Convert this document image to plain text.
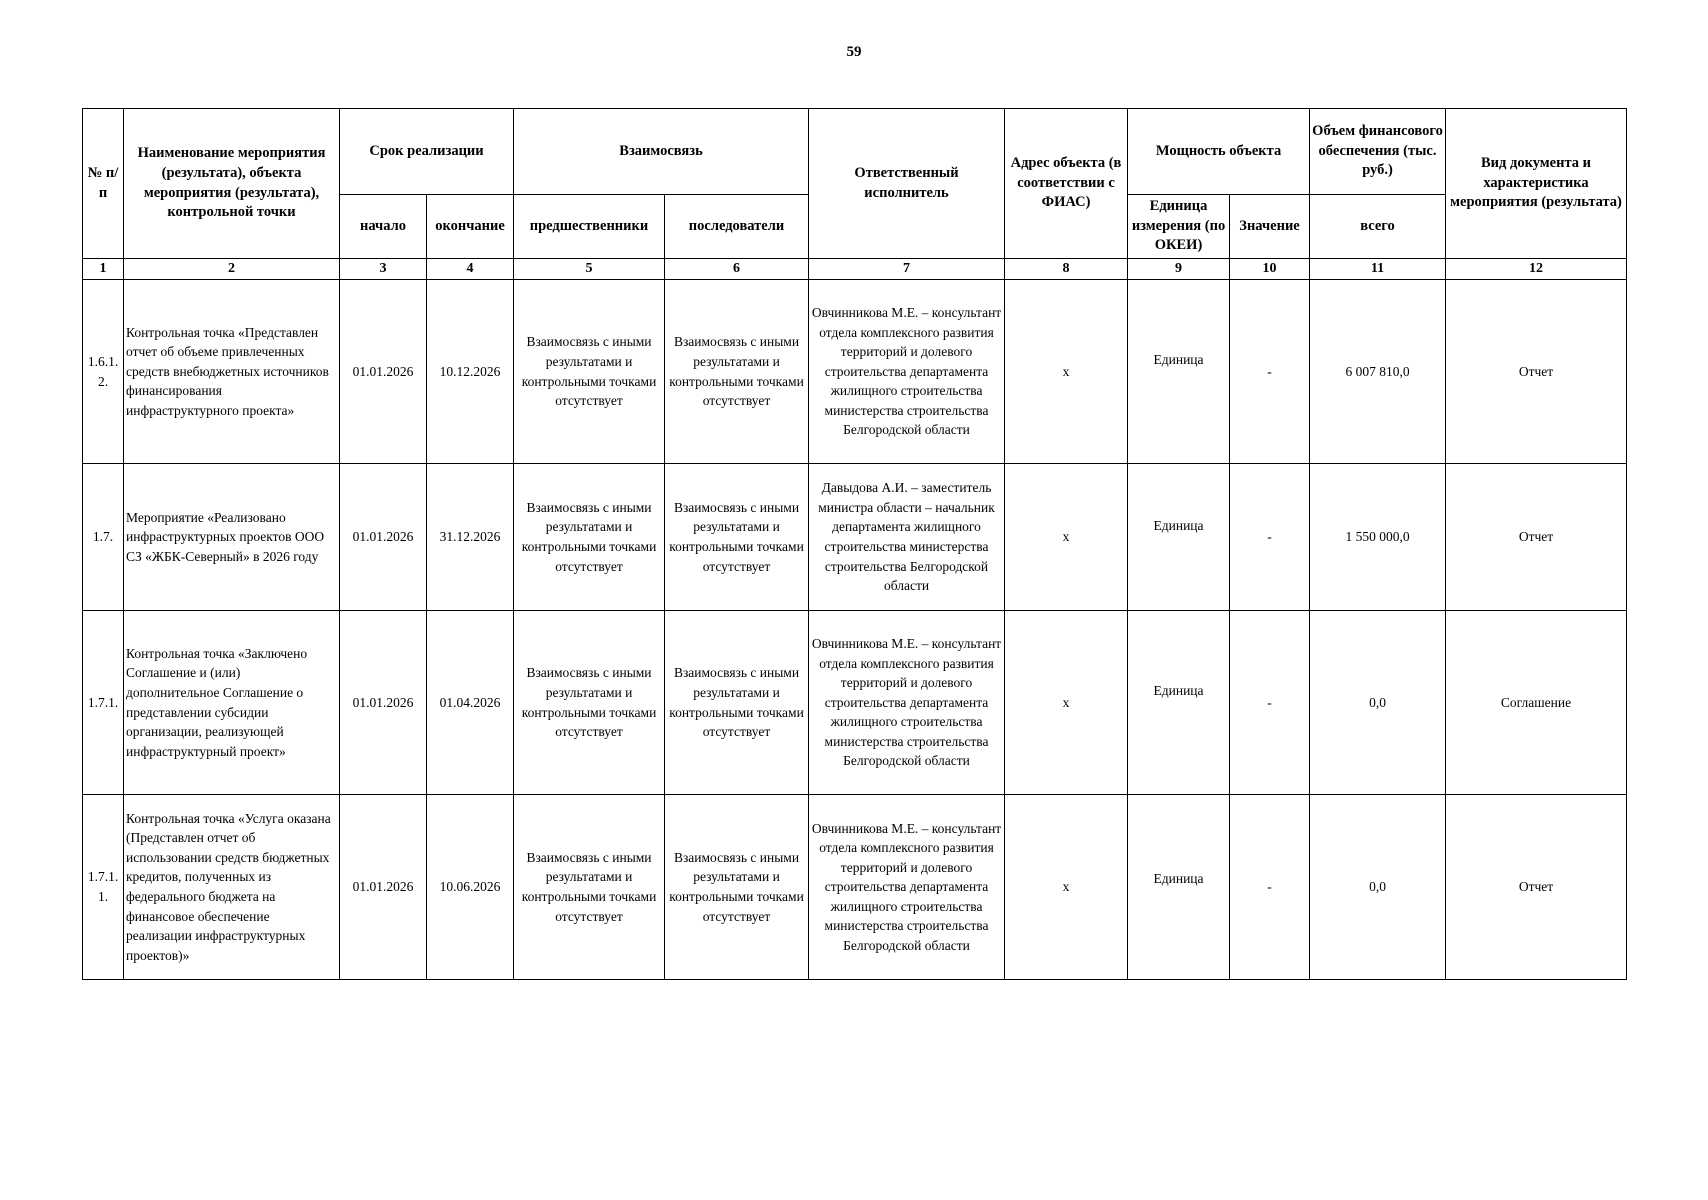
59
№ п/п	Наименование мероприятия (результата), объекта мероприятия (результата), контрольной точки	Срок реализации		Взаимосвязь		Ответственный исполнитель	Адрес объекта (в соответствии с ФИАС)	Мощность объекта		Объем финансового обеспечения (тыс. руб.)	Вид документа и характеристика мероприятия (результата)
		начало	окончание	предшественники	последователи			Единица измерения (по ОКЕИ)	Значение	всего	
1	2	3	4	5	6	7	8	9	10	11	12
1.6.1.2.	Контрольная точка «Представлен отчет об объеме привлеченных средств внебюджетных источников финансирования инфраструктурного проекта»	01.01.2026	10.12.2026	Взаимосвязь с иными результатами и контрольными точками отсутствует	Взаимосвязь с иными результатами и контрольными точками отсутствует	Овчинникова М.Е. – консультант отдела комплексного развития территорий и долевого строительства департамента жилищного строительства министерства строительства Белгородской области	х	Единица	-	6 007 810,0	Отчет
1.7.	Мероприятие «Реализовано инфраструктурных проектов ООО СЗ «ЖБК-Северный» в 2026 году	01.01.2026	31.12.2026	Взаимосвязь с иными результатами и контрольными точками отсутствует	Взаимосвязь с иными результатами и контрольными точками отсутствует	Давыдова А.И. – заместитель министра области – начальник департамента жилищного строительства министерства строительства Белгородской области	х	Единица	-	1 550 000,0	Отчет
1.7.1.	Контрольная точка «Заключено Соглашение и (или) дополнительное Соглашение о представлении субсидии организации, реализующей инфраструктурный проект»	01.01.2026	01.04.2026	Взаимосвязь с иными результатами и контрольными точками отсутствует	Взаимосвязь с иными результатами и контрольными точками отсутствует	Овчинникова М.Е. – консультант отдела комплексного развития территорий и долевого строительства департамента жилищного строительства министерства строительства Белгородской области	х	Единица	-	0,0	Соглашение
1.7.1.1.	Контрольная точка «Услуга оказана (Представлен отчет об использовании средств бюджетных кредитов, полученных из федерального бюджета на финансовое обеспечение реализации инфраструктурных проектов)»	01.01.2026	10.06.2026	Взаимосвязь с иными результатами и контрольными точками отсутствует	Взаимосвязь с иными результатами и контрольными точками отсутствует	Овчинникова М.Е. – консультант отдела комплексного развития территорий и долевого строительства департамента жилищного строительства министерства строительства Белгородской области	х	Единица	-	0,0	Отчет
